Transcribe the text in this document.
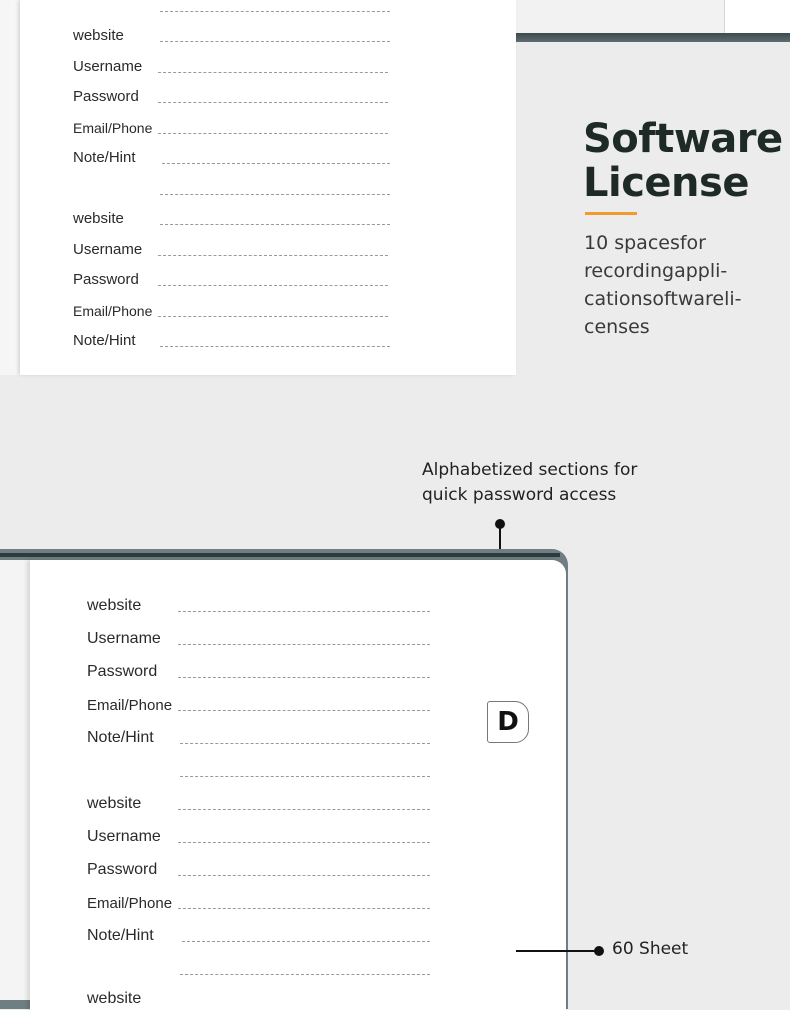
website
Username
Password
Email/Phone
Note/Hint
website
Username
Password
Email/Phone
Note/Hint
Software
License
10 spacesfor
recordingappli-
cationsoftwareli-
censes
Alphabetized sections for
quick password access
D
website
Username
Password
Email/Phone
Note/Hint
website
Username
Password
Email/Phone
Note/Hint
website
60 Sheet
